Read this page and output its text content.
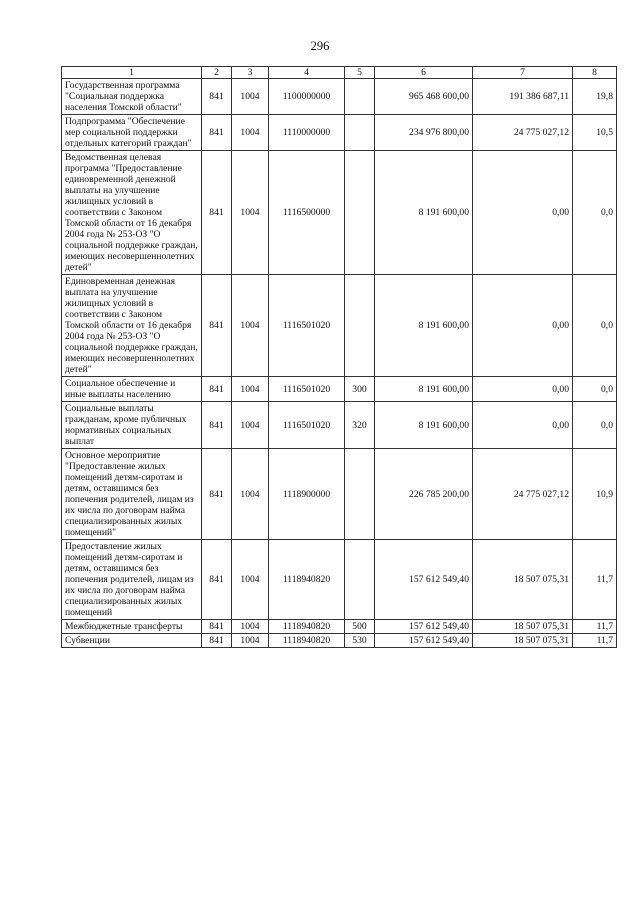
296
1	2	3	4	5	6	7	8
Государственная программа "Социальная поддержка населения Томской области"	841	1004	1100000000		965 468 600,00	191 386 687,11	19,8
Подпрограмма "Обеспечение мер социальной поддержки отдельных категорий граждан"	841	1004	1110000000		234 976 800,00	24 775 027,12	10,5
Ведомственная целевая программа "Предоставление единовременной денежной выплаты на улучшение жилищных условий в соответствии с Законом Томской области от 16 декабря 2004 года № 253-ОЗ "О социальной поддержке граждан, имеющих несовершеннолетних детей"	841	1004	1116500000		8 191 600,00	0,00	0,0
Единовременная денежная выплата на улучшение жилищных условий в соответствии с Законом Томской области от 16 декабря 2004 года № 253-ОЗ "О социальной поддержке граждан, имеющих несовершеннолетних детей"	841	1004	1116501020		8 191 600,00	0,00	0,0
Социальное обеспечение и иные выплаты населению	841	1004	1116501020	300	8 191 600,00	0,00	0,0
Социальные выплаты гражданам, кроме публичных нормативных социальных выплат	841	1004	1116501020	320	8 191 600,00	0,00	0,0
Основное мероприятие "Предоставление жилых помещений детям-сиротам и детям, оставшимся без попечения родителей, лицам из их числа по договорам найма специализированных жилых помещений"	841	1004	1118900000		226 785 200,00	24 775 027,12	10,9
Предоставление жилых помещений детям-сиротам и детям, оставшимся без попечения родителей, лицам из их числа по договорам найма специализированных жилых помещений	841	1004	1118940820		157 612 549,40	18 507 075,31	11,7
Межбюджетные трансферты	841	1004	1118940820	500	157 612 549,40	18 507 075,31	11,7
Субвенции	841	1004	1118940820	530	157 612 549,40	18 507 075,31	11,7
